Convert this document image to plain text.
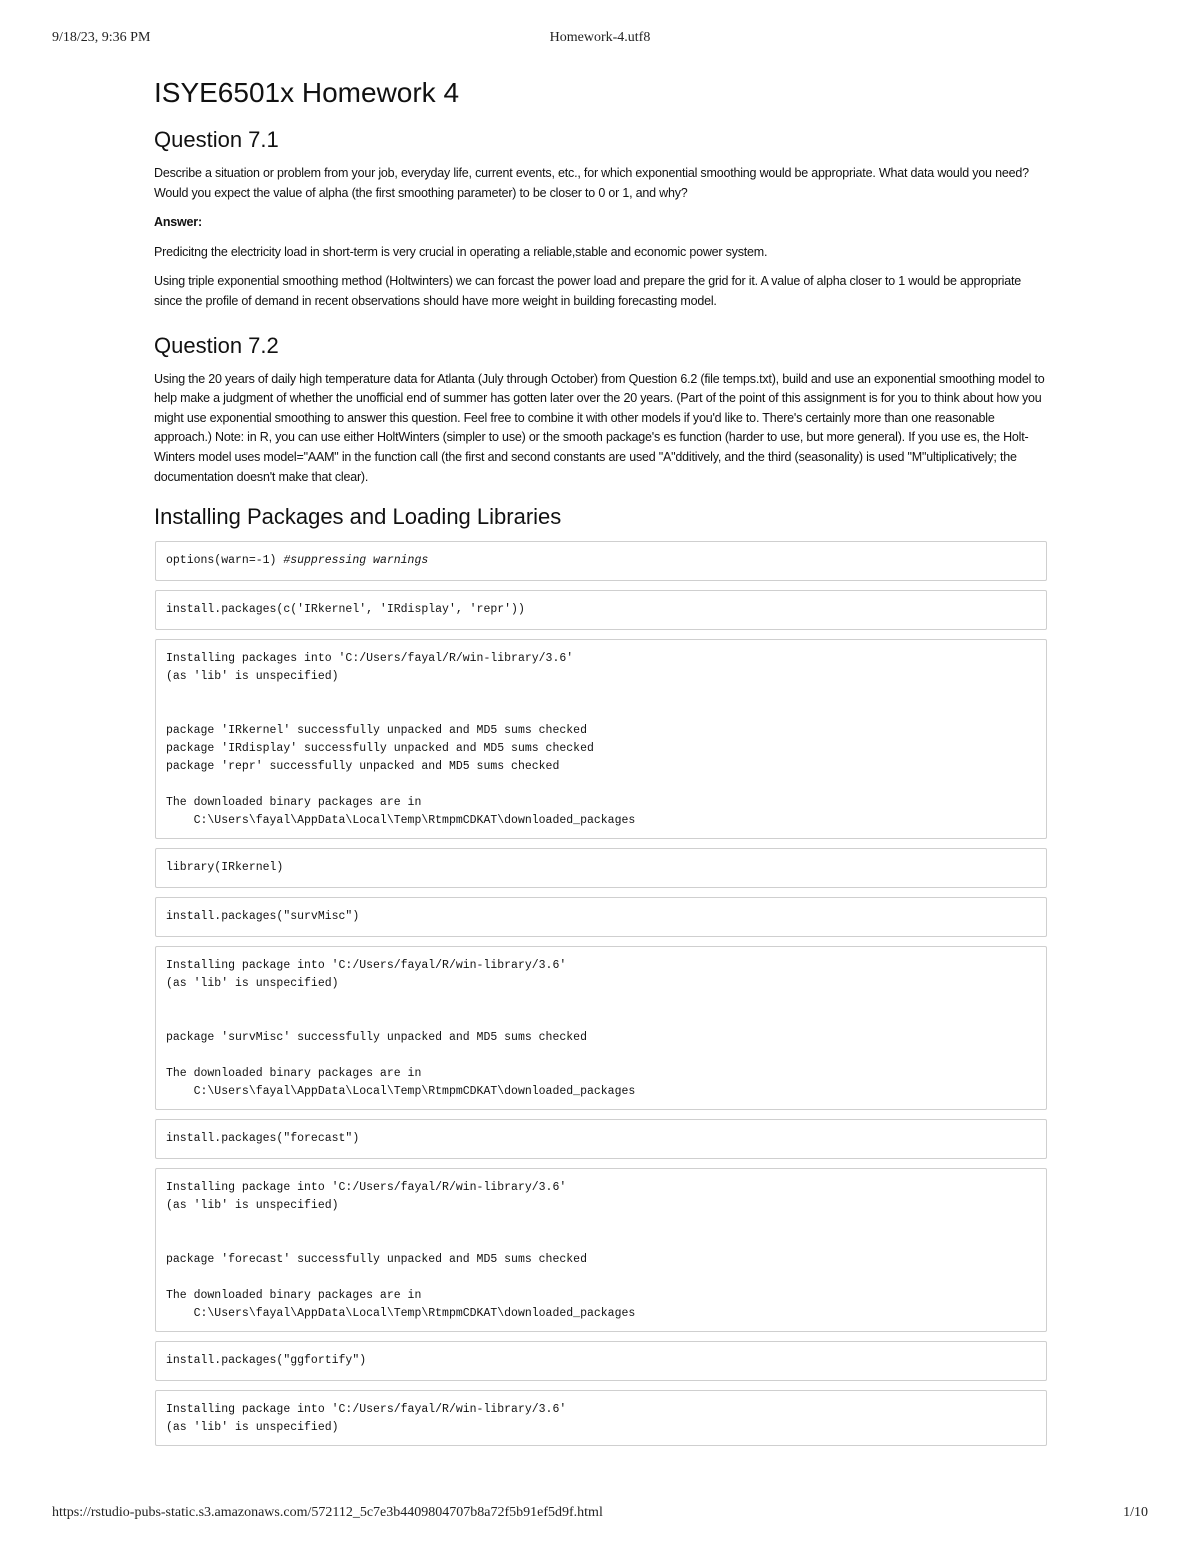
9/18/23, 9:36 PM	Homework-4.utf8
ISYE6501x Homework 4
Question 7.1

Describe a situation or problem from your job, everyday life, current events, etc., for which exponential smoothing would be appropriate. What data would you need? Would you expect the value of alpha (the first smoothing parameter) to be closer to 0 or 1, and why?

Answer:

Predicitng the electricity load in short-term is very crucial in operating a reliable,stable and economic power system.

Using triple exponential smoothing method (Holtwinters) we can forcast the power load and prepare the grid for it. A value of alpha closer to 1 would be appropriate since the profile of demand in recent observations should have more weight in building forecasting model.

Question 7.2

Using the 20 years of daily high temperature data for Atlanta (July through October) from Question 6.2 (file temps.txt), build and use an exponential smoothing model to help make a judgment of whether the unofficial end of summer has gotten later over the 20 years. (Part of the point of this assignment is for you to think about how you might use exponential smoothing to answer this question. Feel free to combine it with other models if you'd like to. There's certainly more than one reasonable approach.) Note: in R, you can use either HoltWinters (simpler to use) or the smooth package's es function (harder to use, but more general). If you use es, the Holt-Winters model uses model="AAM" in the function call (the first and second constants are used "A"dditively, and the third (seasonality) is used "M"ultiplicatively; the documentation doesn't make that clear).

Installing Packages and Loading Libraries
options(warn=-1) #suppressing warnings
install.packages(c('IRkernel', 'IRdisplay', 'repr'))
Installing packages into 'C:/Users/fayal/R/win-library/3.6'
(as 'lib' is unspecified)

package 'IRkernel' successfully unpacked and MD5 sums checked
package 'IRdisplay' successfully unpacked and MD5 sums checked
package 'repr' successfully unpacked and MD5 sums checked

The downloaded binary packages are in
C:\Users\fayal\AppData\Local\Temp\RtmpmCDKAT\downloaded_packages
library(IRkernel)
install.packages("survMisc")
Installing package into 'C:/Users/fayal/R/win-library/3.6'
(as 'lib' is unspecified)

package 'survMisc' successfully unpacked and MD5 sums checked

The downloaded binary packages are in
C:\Users\fayal\AppData\Local\Temp\RtmpmCDKAT\downloaded_packages
install.packages("forecast")
Installing package into 'C:/Users/fayal/R/win-library/3.6'
(as 'lib' is unspecified)

package 'forecast' successfully unpacked and MD5 sums checked

The downloaded binary packages are in
C:\Users\fayal\AppData\Local\Temp\RtmpmCDKAT\downloaded_packages
install.packages("ggfortify")
Installing package into 'C:/Users/fayal/R/win-library/3.6'
(as 'lib' is unspecified)
https://rstudio-pubs-static.s3.amazonaws.com/572112_5c7e3b4409804707b8a72f5b91ef5d9f.html	1/10
